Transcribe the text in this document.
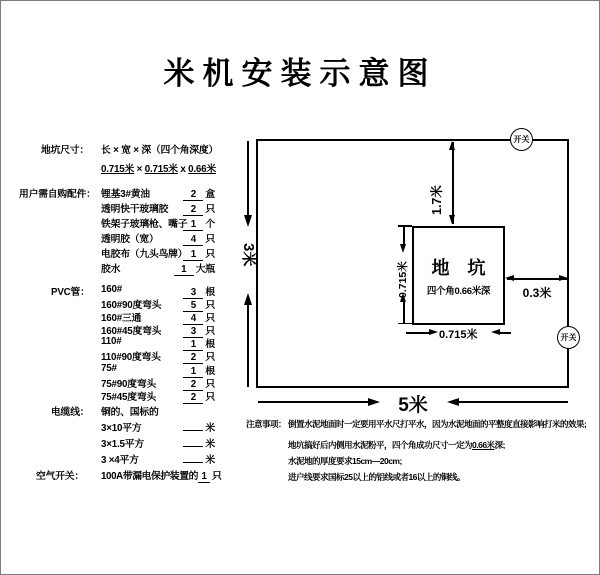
米机安装示意图
地坑尺寸： 长 × 宽 × 深（四个角深度）
0.715米 × 0.715米 x 0.66米
用户需自购配件： 锂基3#黄油	2 盒
透明快干玻璃胶	2 只
铁架子玻璃枪、嘴子 1 个
透明胶（宽）	4 只
电胶布（九头鸟牌） 1 只
胶水	1 大瓶
PVC管： 160#	3 根
160#90度弯头	5 只
160#三通	4 只
160#45度弯头	3 只
110#	1 根
110#90度弯头	2 只
75#	1 根
75#90度弯头	2 只
75#45度弯头	2 只
电缆线： 铜的、国标的
3×10平方	米
3×1.5平方	米
3 ×4平方	米
空气开关： 100A带漏电保护装置的 1 只
开关
开关
地　坑
四个角0.66米深
1.7米
0.715米	0.3米
0.715米
3米
5米
注意事项： 倒置水泥地面时一定要用平水尺打平水，因为水泥地面的平整度直接影响打米的效果;
地坑搞好后内侧用水泥粉平，四个角成功尺寸一定为0.66米深;
水泥地的厚度要求15cm—20cm;
进户线要求国标25以上的铝线或者16以上的铜线。
